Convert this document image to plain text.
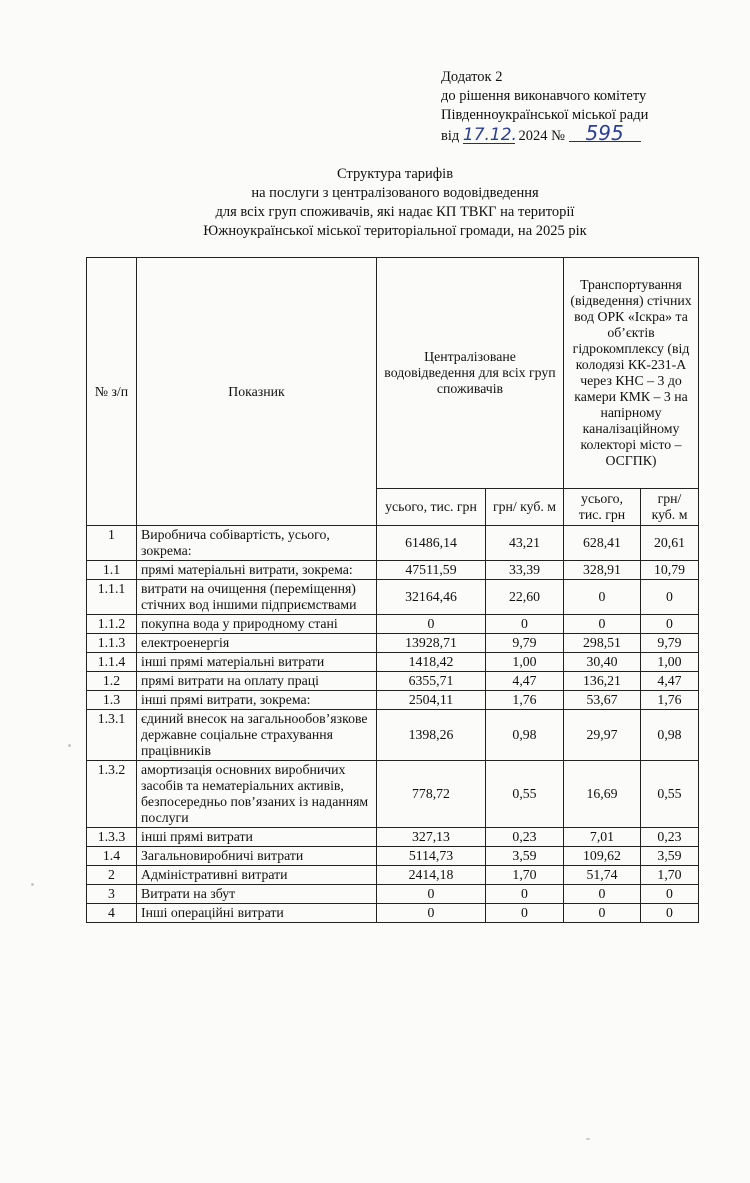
Додаток 2
до рішення виконавчого комітету
Південноукраїнської міської ради
від 17.12. 2024 № 595
Структура тарифів
на послуги з централізованого водовідведення
для всіх груп споживачів, які надає КП ТВКГ на території
Южноукраїнської міської територіальної громади, на 2025 рік
№ з/п	Показник	Централізоване водовідведення для всіх груп споживачів		Транспортування (відведення) стічних вод ОРК «Іскра» та об’єктів гідрокомплексу (від колодязі КК-231-А через КНС – 3 до камери КМК – 3 на напірному каналізаційному колекторі місто – ОСГПК)	
		усього, тис. грн	грн/ куб. м	усього, тис. грн	грн/ куб. м
1	Виробнича собівартість, усього, зокрема:	61486,14	43,21	628,41	20,61
1.1	прямі матеріальні витрати, зокрема:	47511,59	33,39	328,91	10,79
1.1.1	витрати на очищення (переміщення) стічних вод іншими підприємствами	32164,46	22,60	0	0
1.1.2	покупна вода у природному стані	0	0	0	0
1.1.3	електроенергія	13928,71	9,79	298,51	9,79
1.1.4	інші прямі матеріальні витрати	1418,42	1,00	30,40	1,00
1.2	прямі витрати на оплату праці	6355,71	4,47	136,21	4,47
1.3	інші прямі витрати, зокрема:	2504,11	1,76	53,67	1,76
1.3.1	єдиний внесок на загальнообов’язкове державне соціальне страхування працівників	1398,26	0,98	29,97	0,98
1.3.2	амортизація основних виробничих засобів та нематеріальних активів, безпосередньо пов’язаних із наданням послуги	778,72	0,55	16,69	0,55
1.3.3	інші прямі витрати	327,13	0,23	7,01	0,23
1.4	Загальновиробничі витрати	5114,73	3,59	109,62	3,59
2	Адміністративні витрати	2414,18	1,70	51,74	1,70
3	Витрати на збут	0	0	0	0
4	Інші операційні витрати	0	0	0	0
